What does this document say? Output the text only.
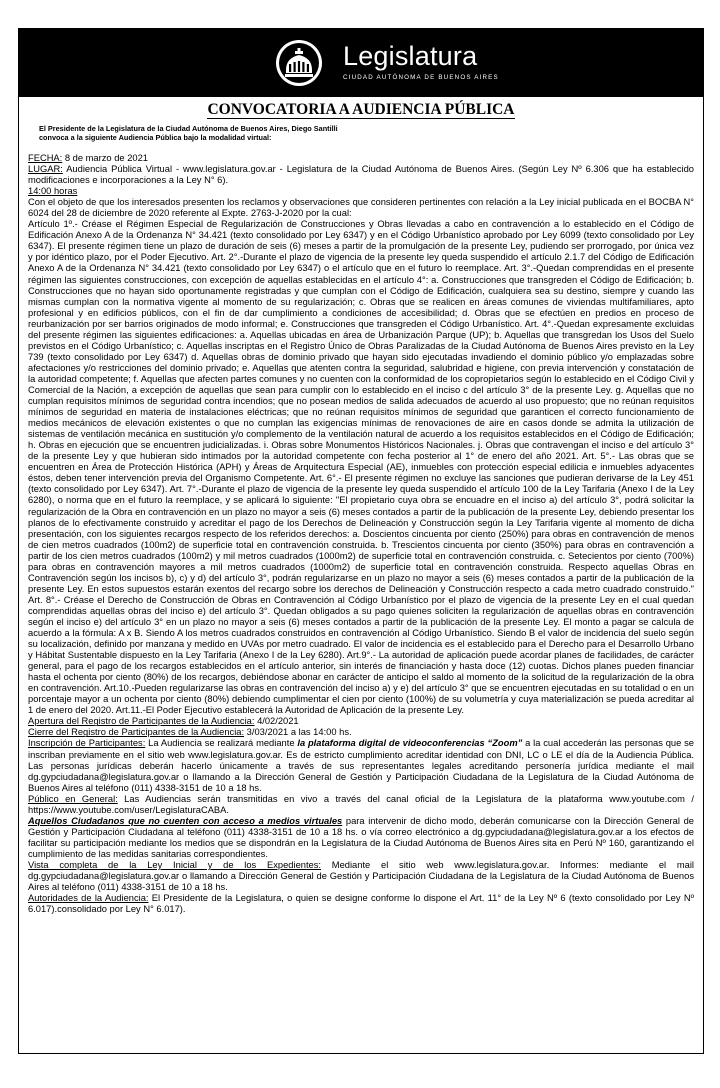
Legislatura
CIUDAD AUTÓNOMA DE BUENOS AIRES
CONVOCATORIA A AUDIENCIA PÚBLICA
El Presidente de la Legislatura de la Ciudad Autónoma de Buenos Aires, Diego Santilli
convoca a la siguiente Audiencia Pública bajo la modalidad virtual:

FECHA: 8 de marzo de 2021

LUGAR: Audiencia Pública Virtual - www.legislatura.gov.ar - Legislatura de la Ciudad Autónoma de Buenos Aires. (Según Ley Nº 6.306 que ha establecido modificaciones e incorporaciones a la Ley N° 6).

14:00 horas

Con el objeto de que los interesados presenten los reclamos y observaciones que consideren pertinentes con relación a la Ley inicial publicada en el BOCBA N° 6024 del 28 de diciembre de 2020 referente al Expte. 2763-J-2020 por la cual:

Artículo 1º.- Créase el Régimen Especial de Regularización de Construcciones y Obras llevadas a cabo en contravención a lo establecido en el Código de Edificación Anexo A de la Ordenanza N° 34.421 (texto consolidado por Ley 6347) y en el Código Urbanístico aprobado por Ley 6099 (texto consolidado por Ley 6347). El presente régimen tiene un plazo de duración de seis (6) meses a partir de la promulgación de la presente Ley, pudiendo ser prorrogado, por única vez y por idéntico plazo, por el Poder Ejecutivo. Art. 2°.-Durante el plazo de vigencia de la presente ley queda suspendido el artículo 2.1.7 del Código de Edificación Anexo A de la Ordenanza N° 34.421 (texto consolidado por Ley 6347) o el artículo que en el futuro lo reemplace. Art. 3°.-Quedan comprendidas en el presente régimen las siguientes construcciones, con excepción de aquellas establecidas en el artículo 4°: a. Construcciones que transgreden el Código de Edificación; b. Construcciones que no hayan sido oportunamente registradas y que cumplan con el Código de Edificación, cualquiera sea su destino, siempre y cuando las mismas cumplan con la normativa vigente al momento de su regularización; c. Obras que se realicen en áreas comunes de viviendas multifamiliares, apto profesional y en edificios públicos, con el fin de dar cumplimiento a condiciones de accesibilidad; d. Obras que se efectúen en predios en proceso de reurbanización por ser barrios originados de modo informal; e. Construcciones que transgreden el Código Urbanístico. Art. 4°.-Quedan expresamente excluidas del presente régimen las siguientes edificaciones: a. Aquellas ubicadas en área de Urbanización Parque (UP); b. Aquellas que transgredan los Usos del Suelo previstos en el Código Urbanístico; c. Aquellas inscriptas en el Registro Único de Obras Paralizadas de la Ciudad Autónoma de Buenos Aires previsto en la Ley 739 (texto consolidado por Ley 6347) d. Aquellas obras de dominio privado que hayan sido ejecutadas invadiendo el dominio público y/o emplazadas sobre afectaciones y/o restricciones del dominio privado; e. Aquellas que atenten contra la seguridad, salubridad e higiene, con previa intervención y constatación de la autoridad competente; f. Aquellas que afecten partes comunes y no cuenten con la conformidad de los copropietarios según lo establecido en el Código Civil y Comercial de la Nación, a excepción de aquellas que sean para cumplir con lo establecido en el inciso c del artículo 3° de la presente Ley. g. Aquellas que no cumplan requisitos mínimos de seguridad contra incendios; que no posean medios de salida adecuados de acuerdo al uso propuesto; que no reúnan requisitos mínimos de seguridad en materia de instalaciones eléctricas; que no reúnan requisitos mínimos de seguridad que garanticen el correcto funcionamiento de medios mecánicos de elevación existentes o que no cumplan las exigencias mínimas de renovaciones de aire en casos donde se admita la utilización de sistemas de ventilación mecánica en sustitución y/o complemento de la ventilación natural de acuerdo a los requisitos establecidos en el Código de Edificación; h. Obras en ejecución que se encuentren judicializadas. i. Obras sobre Monumentos Históricos Nacionales. j. Obras que contravengan el inciso e del artículo 3° de la presente Ley y que hubieran sido intimados por la autoridad competente con fecha posterior al 1° de enero del año 2021. Art. 5°.- Las obras que se encuentren en Área de Protección Histórica (APH) y Áreas de Arquitectura Especial (AE), inmuebles con protección especial edilicia e inmuebles adyacentes éstos, deben tener intervención previa del Organismo Competente. Art. 6°.- El presente régimen no excluye las sanciones que pudieran derivarse de la Ley 451 (texto consolidado por Ley 6347). Art. 7°.-Durante el plazo de vigencia de la presente ley queda suspendido el artículo 100 de la Ley Tarifaria (Anexo I de la Ley 6280), o norma que en el futuro la reemplace, y se aplicará lo siguiente: "El propietario cuya obra se encuadre en el inciso a) del artículo 3°, podrá solicitar la regularización de la Obra en contravención en un plazo no mayor a seis (6) meses contados a partir de la publicación de la presente Ley, debiendo presentar los planos de lo efectivamente construido y acreditar el pago de los Derechos de Delineación y Construcción según la Ley Tarifaria vigente al momento de dicha presentación, con los siguientes recargos respecto de los referidos derechos: a. Doscientos cincuenta por ciento (250%) para obras en contravención de menos de cien metros cuadrados (100m2) de superficie total en contravención construida. b. Trescientos cincuenta por ciento (350%) para obras en contravención a partir de los cien metros cuadrados (100m2) y mil metros cuadrados (1000m2) de superficie total en contravención construida. c. Setecientos por ciento (700%) para obras en contravención mayores a mil metros cuadrados (1000m2) de superficie total en contravención construida. Respecto aquellas Obras en Contravención según los incisos b), c) y d) del artículo 3°, podrán regularizarse en un plazo no mayor a seis (6) meses contados a partir de la publicación de la presente Ley. En estos supuestos estarán exentos del recargo sobre los derechos de Delineación y Construcción respecto a cada metro cuadrado construido." Art. 8°.- Créase el Derecho de Construcción de Obras en Contravención al Código Urbanístico por el plazo de vigencia de la presente Ley en el cual quedan comprendidas aquellas obras del inciso e) del artículo 3°. Quedan obligados a su pago quienes soliciten la regularización de aquellas obras en contravención según el inciso e) del artículo 3° en un plazo no mayor a seis (6) meses contados a partir de la publicación de la presente Ley. El monto a pagar se calcula de acuerdo a la fórmula: A x B. Siendo A los metros cuadrados construidos en contravención al Código Urbanístico. Siendo B el valor de incidencia del suelo según su localización, definido por manzana y medido en UVAs por metro cuadrado. El valor de incidencia es el establecido para el Derecho para el Desarrollo Urbano y Hábitat Sustentable dispuesto en la Ley Tarifaria (Anexo I de la Ley 6280). Art.9°.- La autoridad de aplicación puede acordar planes de facilidades, de carácter general, para el pago de los recargos establecidos en el artículo anterior, sin interés de financiación y hasta doce (12) cuotas. Dichos planes pueden financiar hasta el ochenta por ciento (80%) de los recargos, debiéndose abonar en carácter de anticipo el saldo al momento de la solicitud de la regularización de la obra en contravención. Art.10.-Pueden regularizarse las obras en contravención del inciso a) y e) del artículo 3° que se encuentren ejecutadas en su totalidad o en un porcentaje mayor a un ochenta por ciento (80%) debiendo cumplimentar el cien por ciento (100%) de su volumetría y cuya materialización se pueda acreditar al 1 de enero del 2020. Art.11.-El Poder Ejecutivo establecerá la Autoridad de Aplicación de la presente Ley.

Apertura del Registro de Participantes de la Audiencia: 4/02/2021

Cierre del Registro de Participantes de la Audiencia: 3/03/2021 a las 14:00 hs.

Inscripción de Participantes: La Audiencia se realizará mediante la plataforma digital de videoconferencias “Zoom” a la cual accederán las personas que se inscriban previamente en el sitio web www.legislatura.gov.ar. Es de estricto cumplimiento acreditar identidad con DNI, LC o LE el día de la Audiencia Pública. Las personas jurídicas deberán hacerlo únicamente a través de sus representantes legales acreditando personería jurídica mediante el mail dg.gypciudadana@legislatura.gov.ar o llamando a la Dirección General de Gestión y Participación Ciudadana de la Legislatura de la Ciudad Autónoma de Buenos Aires al teléfono (011) 4338-3151 de 10 a 18 hs.

Público en General: Las Audiencias serán transmitidas en vivo a través del canal oficial de la Legislatura de la plataforma www.youtube.com / https://www.youtube.com/user/LegislaturaCABA.

Aquellos Ciudadanos que no cuenten con acceso a medios virtuales para intervenir de dicho modo, deberán comunicarse con la Dirección General de Gestión y Participación Ciudadana al teléfono (011) 4338-3151 de 10 a 18 hs. o vía correo electrónico a dg.gypciudadana@legislatura.gov.ar a los efectos de facilitar su participación mediante los medios que se dispondrán en la Legislatura de la Ciudad Autónoma de Buenos Aires sita en Perú Nº 160, garantizando el cumplimiento de las medidas sanitarias correspondientes.

Vista completa de la Ley Inicial y de los Expedientes: Mediante el sitio web www.legislatura.gov.ar. Informes: mediante el mail dg.gypciudadana@legislatura.gov.ar o llamando a Dirección General de Gestión y Participación Ciudadana de la Legislatura de la Ciudad Autónoma de Buenos Aires al teléfono (011) 4338-3151 de 10 a 18 hs.

Autoridades de la Audiencia: El Presidente de la Legislatura, o quien se designe conforme lo dispone el Art. 11° de la Ley Nº 6 (texto consolidado por Ley Nº 6.017).consolidado por Ley N° 6.017).
